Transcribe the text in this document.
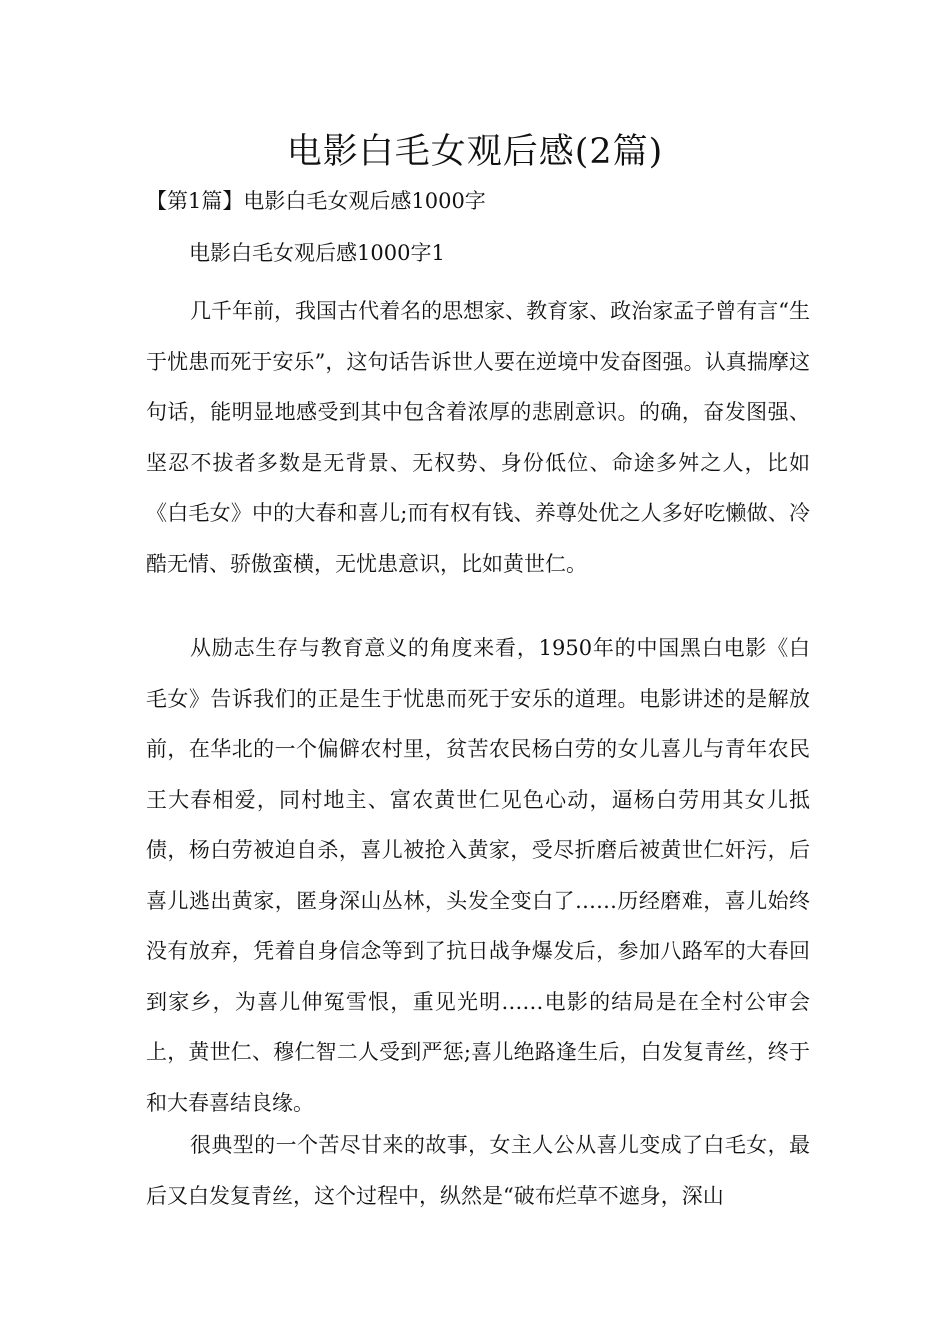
电影白毛女观后感(2篇)
【第1篇】电影白毛女观后感1000字
电影白毛女观后感1000字1

几千年前，我国古代着名的思想家、教育家、政治家孟子曾有言“生于忧患而死于安乐”，这句话告诉世人要在逆境中发奋图强。认真揣摩这句话，能明显地感受到其中包含着浓厚的悲剧意识。的确，奋发图强、坚忍不拔者多数是无背景、无权势、身份低位、命途多舛之人，比如《白毛女》中的大春和喜儿;而有权有钱、养尊处优之人多好吃懒做、冷酷无情、骄傲蛮横，无忧患意识，比如黄世仁。

从励志生存与教育意义的角度来看，1950年的中国黑白电影《白毛女》告诉我们的正是生于忧患而死于安乐的道理。电影讲述的是解放前，在华北的一个偏僻农村里，贫苦农民杨白劳的女儿喜儿与青年农民王大春相爱，同村地主、富农黄世仁见色心动，逼杨白劳用其女儿抵债，杨白劳被迫自杀，喜儿被抢入黄家，受尽折磨后被黄世仁奸污，后喜儿逃出黄家，匿身深山丛林，头发全变白了……历经磨难，喜儿始终没有放弃，凭着自身信念等到了抗日战争爆发后，参加八路军的大春回到家乡，为喜儿伸冤雪恨，重见光明……电影的结局是在全村公审会上，黄世仁、穆仁智二人受到严惩;喜儿绝路逢生后，白发复青丝，终于和大春喜结良缘。

很典型的一个苦尽甘来的故事，女主人公从喜儿变成了白毛女，最后又白发复青丝，这个过程中，纵然是“破布烂草不遮身，深山
